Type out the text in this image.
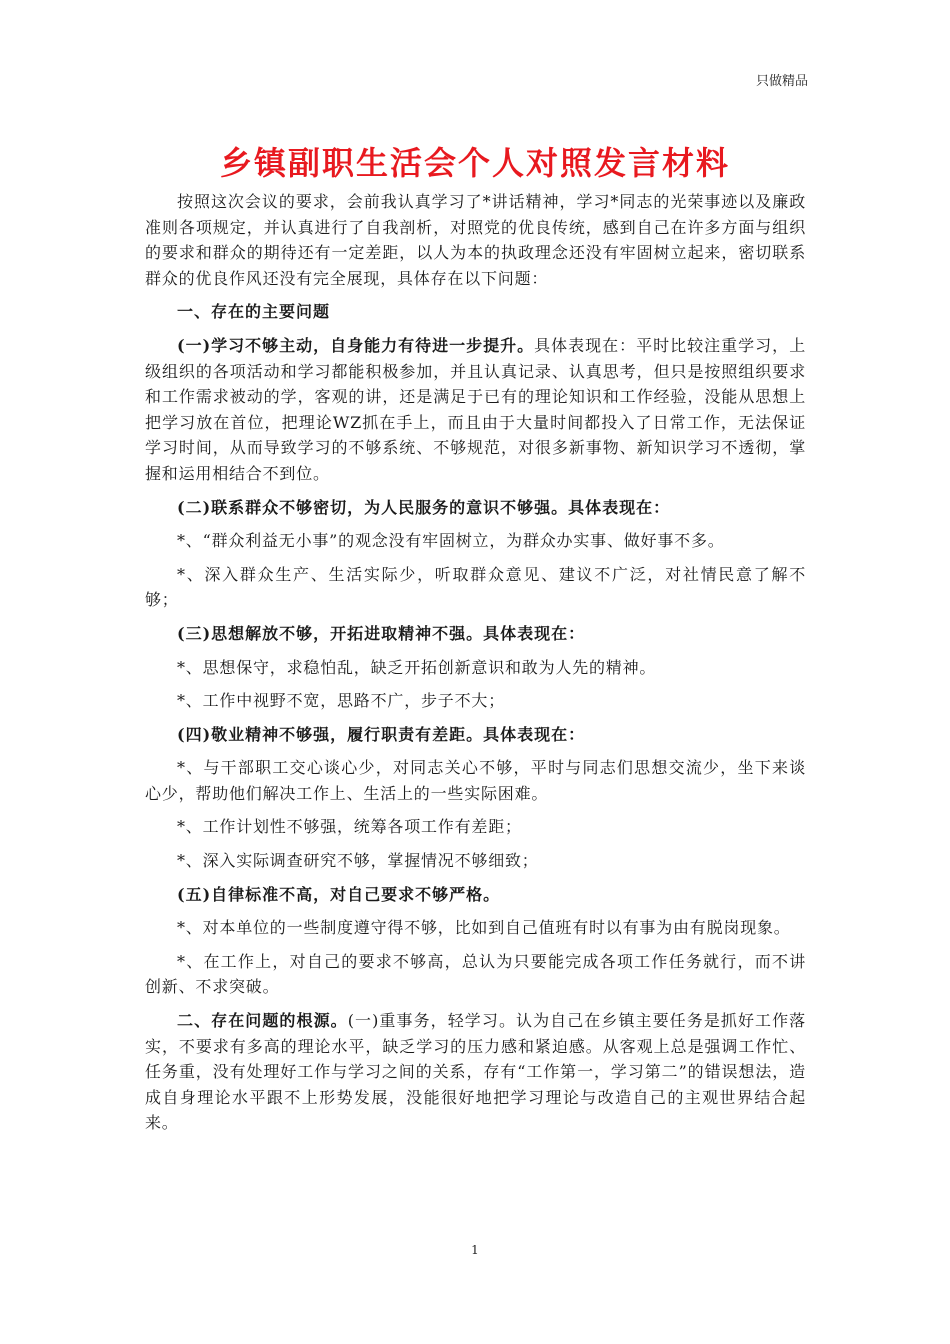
只做精品
乡镇副职生活会个人对照发言材料

按照这次会议的要求，会前我认真学习了*讲话精神，学习*同志的光荣事迹以及廉政准则各项规定，并认真进行了自我剖析，对照党的优良传统，感到自己在许多方面与组织的要求和群众的期待还有一定差距，以人为本的执政理念还没有牢固树立起来，密切联系群众的优良作风还没有完全展现，具体存在以下问题：

一、存在的主要问题

(一)学习不够主动，自身能力有待进一步提升。具体表现在：平时比较注重学习，上级组织的各项活动和学习都能积极参加，并且认真记录、认真思考，但只是按照组织要求和工作需求被动的学，客观的讲，还是满足于已有的理论知识和工作经验，没能从思想上把学习放在首位，把理论WZ抓在手上，而且由于大量时间都投入了日常工作，无法保证学习时间，从而导致学习的不够系统、不够规范，对很多新事物、新知识学习不透彻，掌握和运用相结合不到位。

(二)联系群众不够密切，为人民服务的意识不够强。具体表现在：

*、“群众利益无小事”的观念没有牢固树立，为群众办实事、做好事不多。

*、深入群众生产、生活实际少，听取群众意见、建议不广泛，对社情民意了解不够；

(三)思想解放不够，开拓进取精神不强。具体表现在：

*、思想保守，求稳怕乱，缺乏开拓创新意识和敢为人先的精神。

*、工作中视野不宽，思路不广，步子不大；

(四)敬业精神不够强，履行职责有差距。具体表现在：

*、与干部职工交心谈心少，对同志关心不够，平时与同志们思想交流少，坐下来谈心少，帮助他们解决工作上、生活上的一些实际困难。

*、工作计划性不够强，统筹各项工作有差距；

*、深入实际调查研究不够，掌握情况不够细致；

(五)自律标准不高，对自己要求不够严格。

*、对本单位的一些制度遵守得不够，比如到自己值班有时以有事为由有脱岗现象。

*、在工作上，对自己的要求不够高，总认为只要能完成各项工作任务就行，而不讲创新、不求突破。

二、存在问题的根源。(一)重事务，轻学习。认为自己在乡镇主要任务是抓好工作落实，不要求有多高的理论水平，缺乏学习的压力感和紧迫感。从客观上总是强调工作忙、任务重，没有处理好工作与学习之间的关系，存有“工作第一，学习第二”的错误想法，造成自身理论水平跟不上形势发展，没能很好地把学习理论与改造自己的主观世界结合起来。

1
